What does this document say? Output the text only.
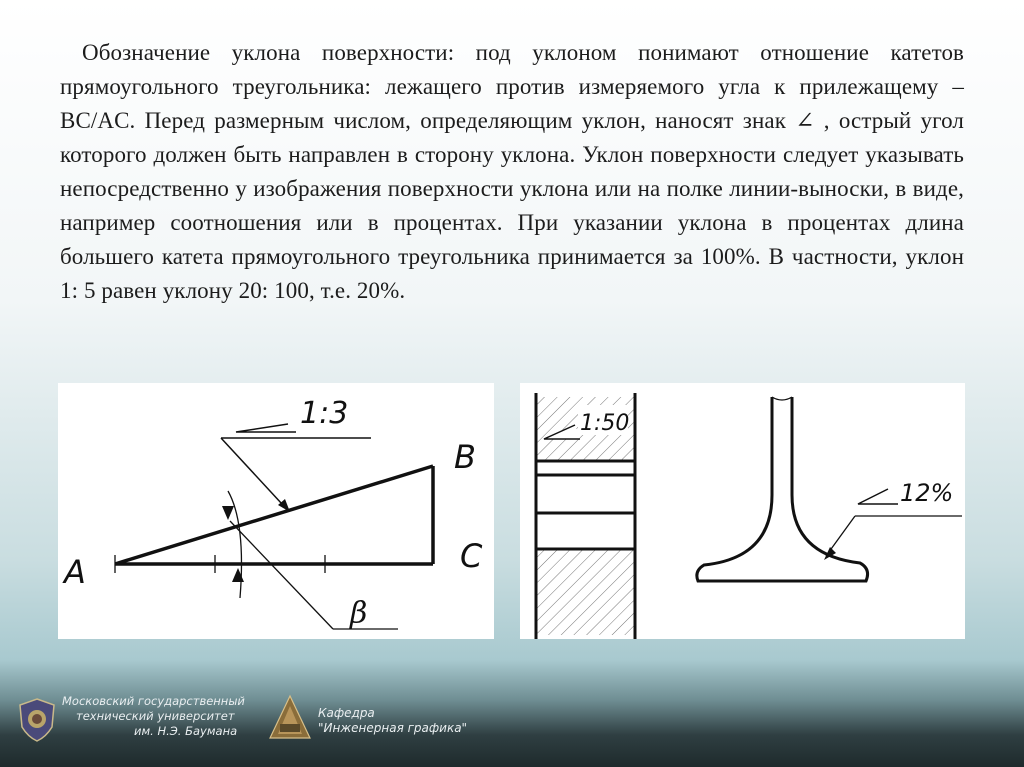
Обозначение уклона поверхности: под уклоном понимают отношение катетов прямоугольного треугольника: лежащего против измеряемого угла к прилежащему – BC/AC. Перед размерным числом, определяющим уклон, наносят знак ∠ , острый угол которого должен быть направлен в сторону уклона. Уклон поверхности следует указывать непосредственно у изображения поверхности уклона или на полке линии-выноски, в виде, например соотношения или в процентах. При указании уклона в процентах длина большего катета прямоугольного треугольника принимается за 100%. В частности, уклон 1: 5 равен уклону 20: 100, т.е. 20%.
1:3
A
B
C
β
1:50
12%
Московский государственный
технический университет
им. Н.Э. Баумана
Кафедра
"Инженерная графика"
